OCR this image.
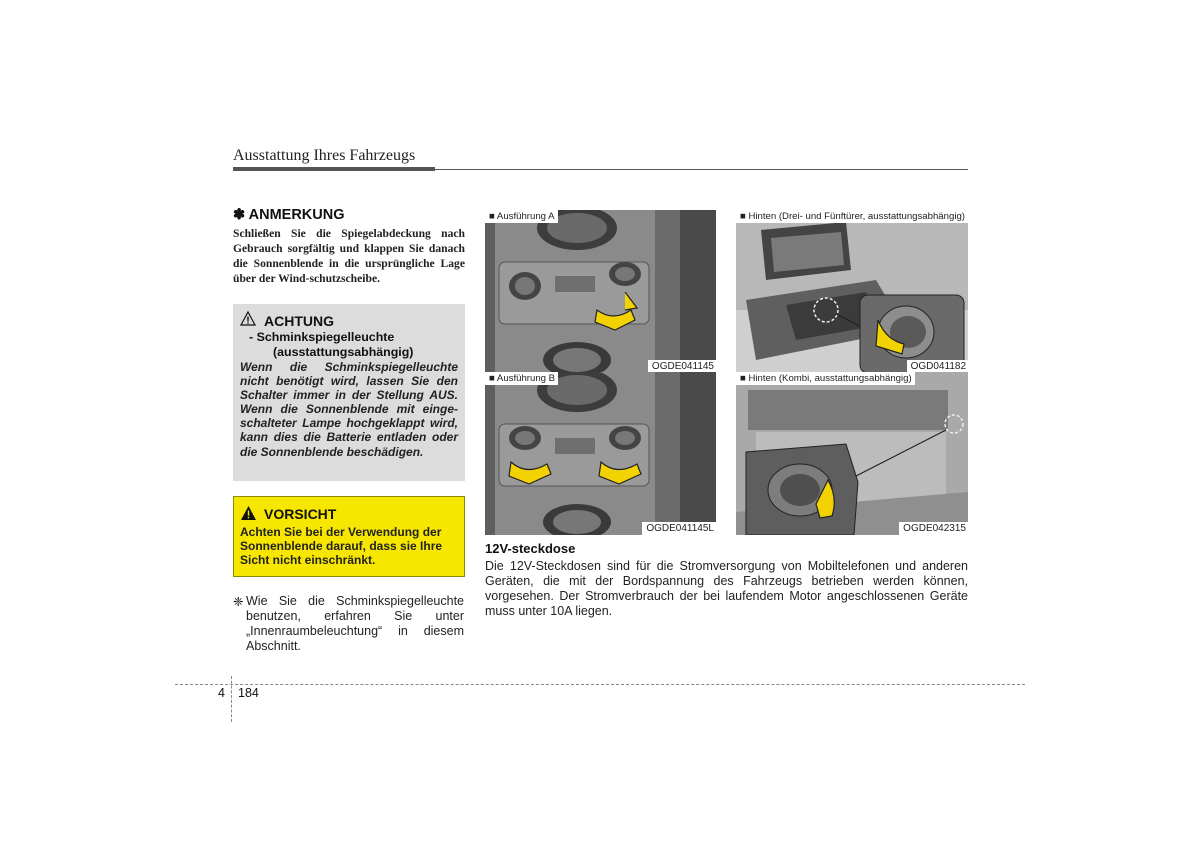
Ausstattung Ihres Fahrzeugs
✽ ANMERKUNG
Schließen Sie die Spiegelabdeckung nach Gebrauch sorgfältig und klappen Sie danach die Sonnenblende in die ursprüngliche Lage über der Wind-schutzscheibe.
ACHTUNG
- Schminkspiegelleuchte
(ausstattungsabhängig)
Wenn die Schminkspiegelleuchte nicht benötigt wird, lassen Sie den Schalter immer in der Stellung AUS. Wenn die Sonnenblende mit einge-schalteter Lampe hochgeklappt wird, kann dies die Batterie entladen oder die Sonnenblende beschädigen.
VORSICHT
Achten Sie bei der Verwendung der Sonnenblende darauf, dass sie Ihre Sicht nicht einschränkt.
❈ Wie Sie die Schminkspiegelleuchte benutzen, erfahren Sie unter „Innenraumbeleuchtung“ in diesem Abschnitt.
■ Ausführung A
OGDE041145
■ Hinten (Drei- und Fünftürer, ausstattungsabhängig)
OGD041182
■ Ausführung B
OGDE041145L
■ Hinten (Kombi, ausstattungsabhängig)
OGDE042315
12V-steckdose
Die 12V-Steckdosen sind für die Stromversorgung von Mobiltelefonen und anderen Geräten, die mit der Bordspannung des Fahrzeugs betrieben werden können, vorgesehen. Der Stromverbrauch der bei laufendem Motor angeschlossenen Geräte muss unter 10A liegen.
4 184
